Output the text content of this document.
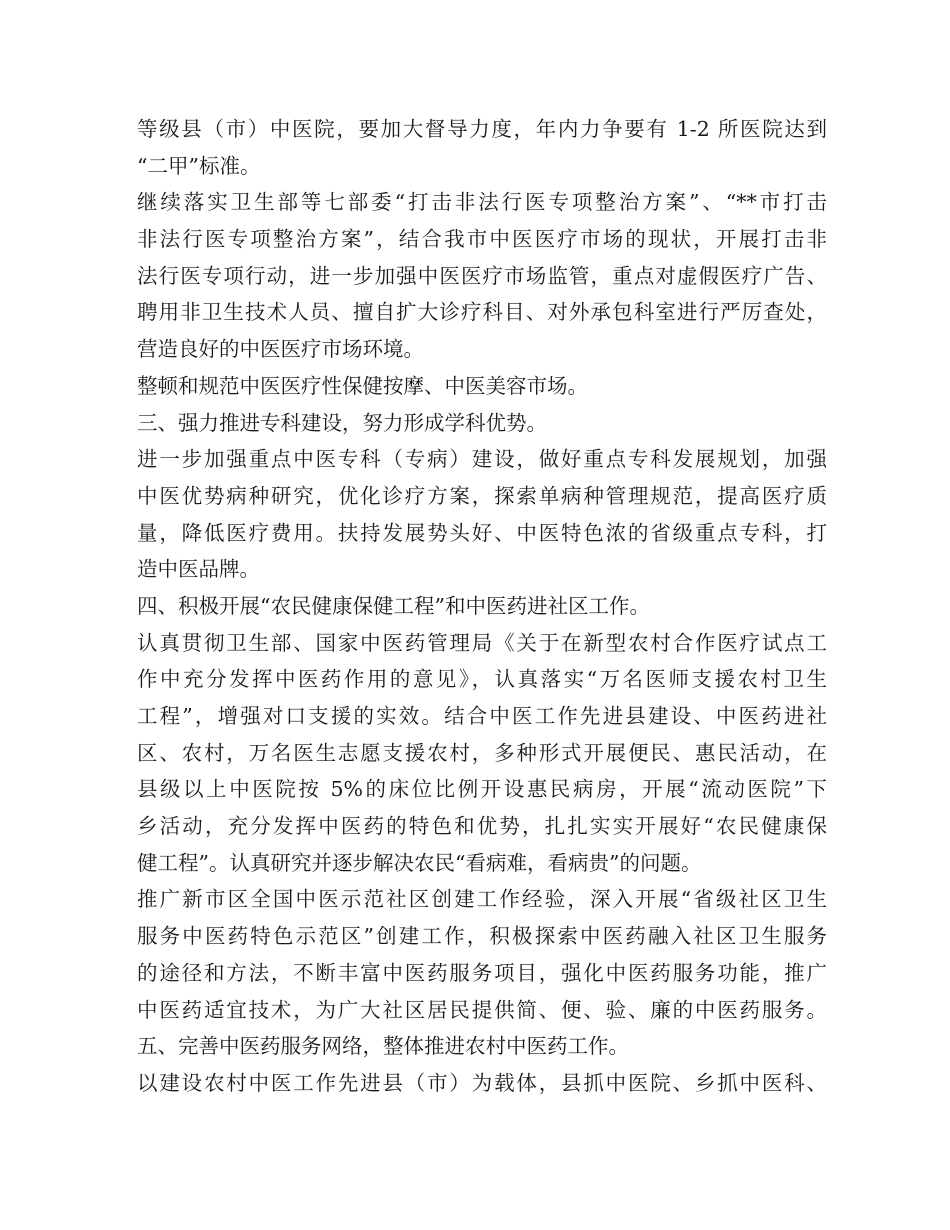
等级县（市）中医院，要加大督导力度，年内力争要有 1-2 所医院达到
“二甲”标准。
继续落实卫生部等七部委“打击非法行医专项整治方案”、“**市打击
非法行医专项整治方案”，结合我市中医医疗市场的现状，开展打击非
法行医专项行动，进一步加强中医医疗市场监管，重点对虚假医疗广告、
聘用非卫生技术人员、擅自扩大诊疗科目、对外承包科室进行严厉查处，
营造良好的中医医疗市场环境。
整顿和规范中医医疗性保健按摩、中医美容市场。
三、强力推进专科建设，努力形成学科优势。
进一步加强重点中医专科（专病）建设，做好重点专科发展规划，加强
中医优势病种研究，优化诊疗方案，探索单病种管理规范，提高医疗质
量，降低医疗费用。扶持发展势头好、中医特色浓的省级重点专科，打
造中医品牌。
四、积极开展“农民健康保健工程”和中医药进社区工作。
认真贯彻卫生部、国家中医药管理局《关于在新型农村合作医疗试点工
作中充分发挥中医药作用的意见》，认真落实“万名医师支援农村卫生
工程”，增强对口支援的实效。结合中医工作先进县建设、中医药进社
区、农村，万名医生志愿支援农村，多种形式开展便民、惠民活动，在
县级以上中医院按 5%的床位比例开设惠民病房，开展“流动医院”下
乡活动，充分发挥中医药的特色和优势，扎扎实实开展好“农民健康保
健工程”。认真研究并逐步解决农民“看病难，看病贵”的问题。
推广新市区全国中医示范社区创建工作经验，深入开展“省级社区卫生
服务中医药特色示范区”创建工作，积极探索中医药融入社区卫生服务
的途径和方法，不断丰富中医药服务项目，强化中医药服务功能，推广
中医药适宜技术，为广大社区居民提供简、便、验、廉的中医药服务。
五、完善中医药服务网络，整体推进农村中医药工作。
以建设农村中医工作先进县（市）为载体，县抓中医院、乡抓中医科、
